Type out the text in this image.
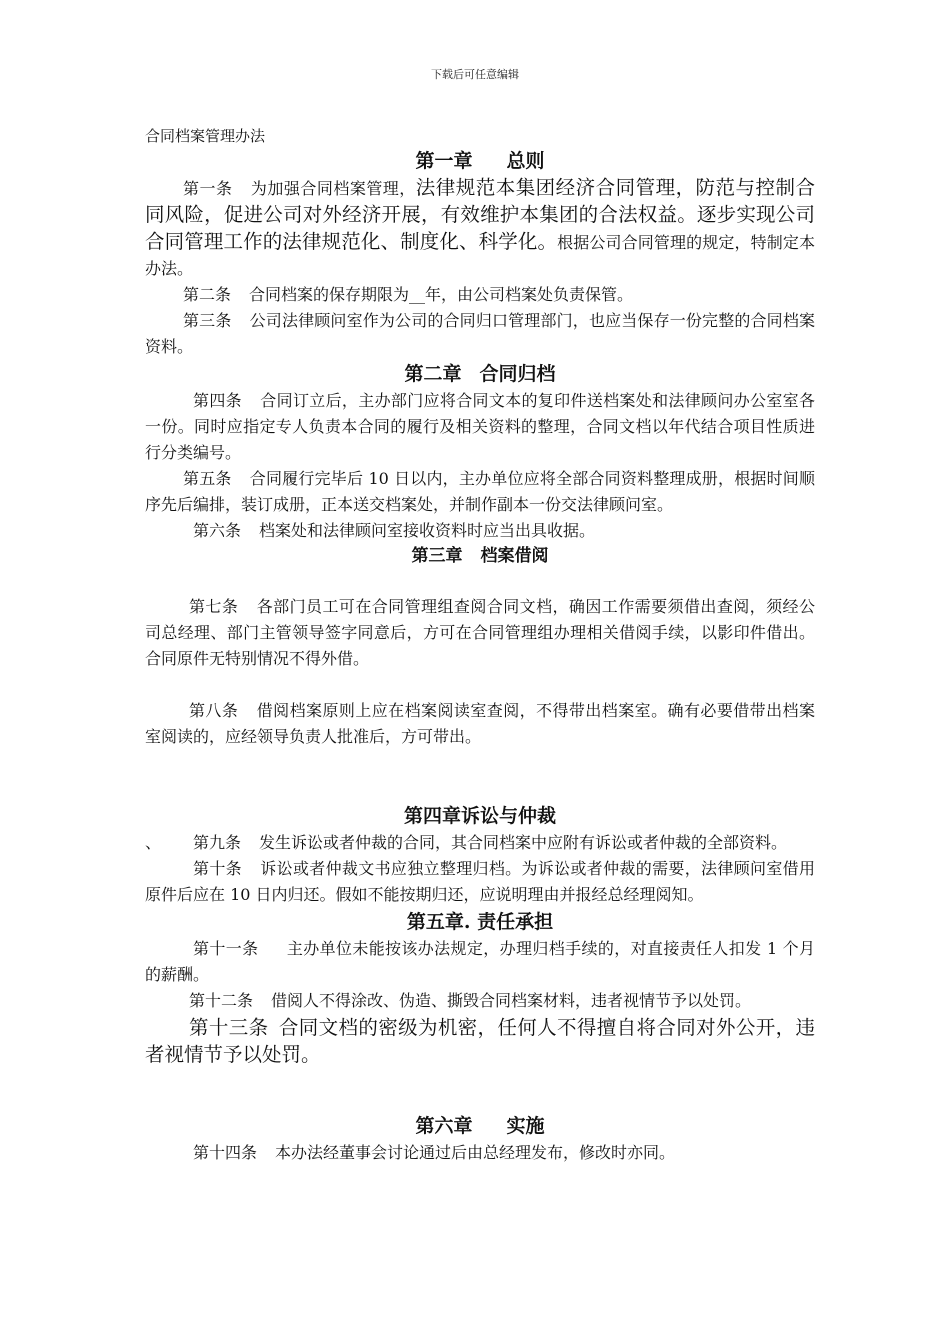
下载后可任意编辑

合同档案管理办法

第一章 总则

第一条 为加强合同档案管理，法律规范本集团经济合同管理，防范与控制合同风险，促进公司对外经济开展，有效维护本集团的合法权益。逐步实现公司合同管理工作的法律规范化、制度化、科学化。根据公司合同管理的规定，特制定本办法。

第二条 合同档案的保存期限为__年，由公司档案处负责保管。

第三条 公司法律顾问室作为公司的合同归口管理部门，也应当保存一份完整的合同档案资料。

第二章 合同归档

第四条 合同订立后，主办部门应将合同文本的复印件送档案处和法律顾问办公室室各一份。同时应指定专人负责本合同的履行及相关资料的整理，合同文档以年代结合项目性质进行分类编号。

第五条 合同履行完毕后 10 日以内，主办单位应将全部合同资料整理成册，根据时间顺序先后编排，装订成册，正本送交档案处，并制作副本一份交法律顾问室。

第六条 档案处和法律顾问室接收资料时应当出具收据。

第三章 档案借阅

第七条 各部门员工可在合同管理组查阅合同文档，确因工作需要须借出查阅，须经公司总经理、部门主管领导签字同意后，方可在合同管理组办理相关借阅手续，以影印件借出。合同原件无特别情况不得外借。

第八条 借阅档案原则上应在档案阅读室查阅，不得带出档案室。确有必要借带出档案室阅读的，应经领导负责人批准后，方可带出。

第四章诉讼与仲裁

、 第九条 发生诉讼或者仲裁的合同，其合同档案中应附有诉讼或者仲裁的全部资料。

第十条 诉讼或者仲裁文书应独立整理归档。为诉讼或者仲裁的需要，法律顾问室借用原件后应在 10 日内归还。假如不能按期归还，应说明理由并报经总经理阅知。

第五章. 责任承担

第十一条 主办单位未能按该办法规定，办理归档手续的，对直接责任人扣发 1 个月的薪酬。

第十二条 借阅人不得涂改、伪造、撕毁合同档案材料，违者视情节予以处罚。

第十三条 合同文档的密级为机密，任何人不得擅自将合同对外公开，违者视情节予以处罚。

第六章 实施

第十四条 本办法经董事会讨论通过后由总经理发布，修改时亦同。
